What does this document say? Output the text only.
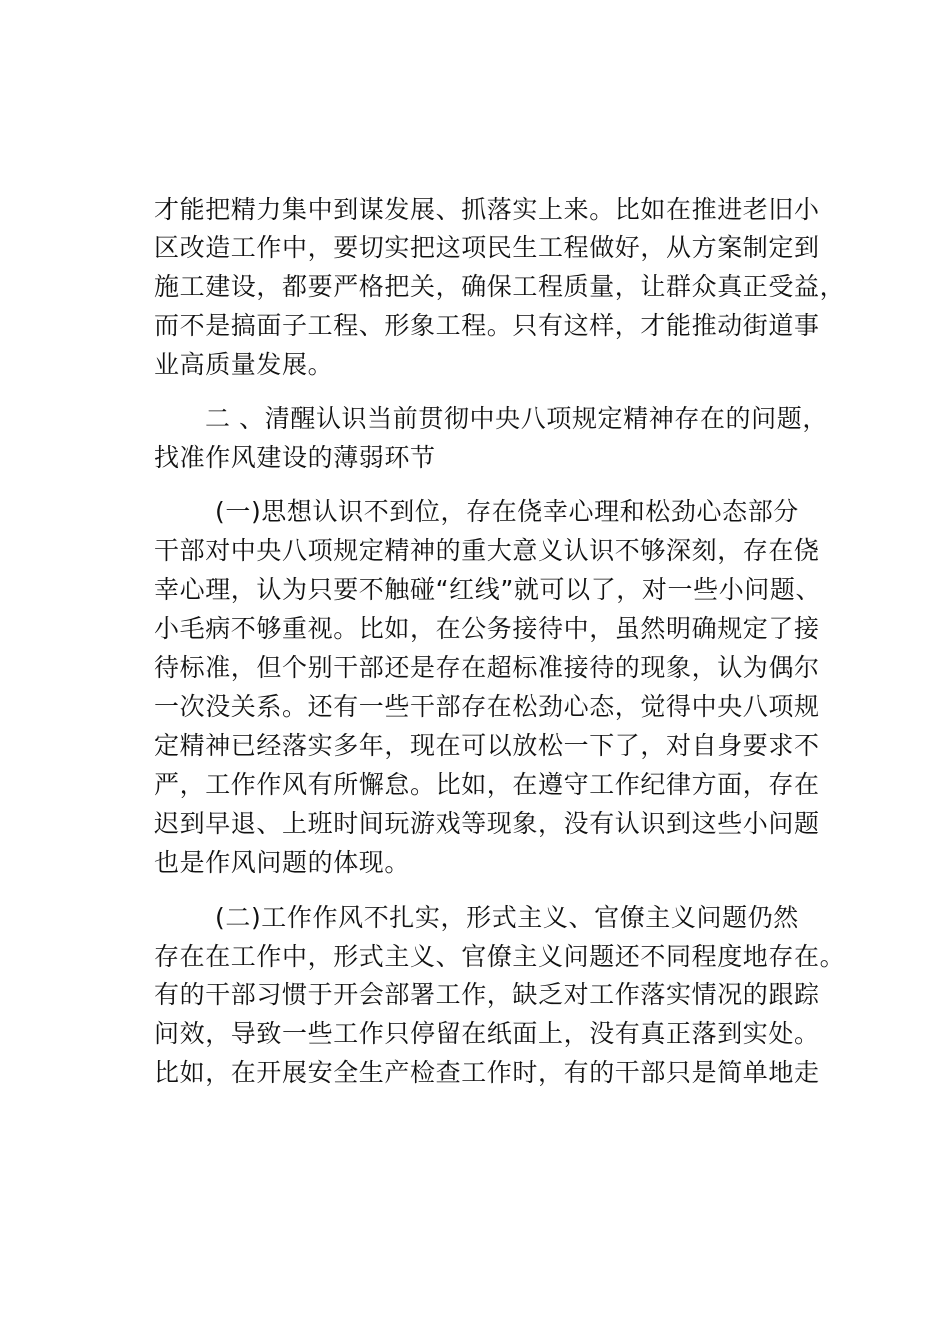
才能把精力集中到谋发展、抓落实上来。比如在推进老旧小
区改造工作中，要切实把这项民生工程做好，从方案制定到
施工建设，都要严格把关，确保工程质量，让群众真正受益，
而不是搞面子工程、形象工程。只有这样，才能推动街道事
业高质量发展。
二 、清醒认识当前贯彻中央八项规定精神存在的问题，
找准作风建设的薄弱环节
(一)思想认识不到位，存在侥幸心理和松劲心态部分
干部对中央八项规定精神的重大意义认识不够深刻，存在侥
幸心理，认为只要不触碰“红线”就可以了，对一些小问题、
小毛病不够重视。比如，在公务接待中，虽然明确规定了接
待标准，但个别干部还是存在超标准接待的现象，认为偶尔
一次没关系。还有一些干部存在松劲心态，觉得中央八项规
定精神已经落实多年，现在可以放松一下了，对自身要求不
严，工作作风有所懈怠。比如，在遵守工作纪律方面，存在
迟到早退、上班时间玩游戏等现象，没有认识到这些小问题
也是作风问题的体现。
(二)工作作风不扎实，形式主义、官僚主义问题仍然
存在在工作中，形式主义、官僚主义问题还不同程度地存在。
有的干部习惯于开会部署工作，缺乏对工作落实情况的跟踪
问效，导致一些工作只停留在纸面上，没有真正落到实处。
比如，在开展安全生产检查工作时，有的干部只是简单地走
